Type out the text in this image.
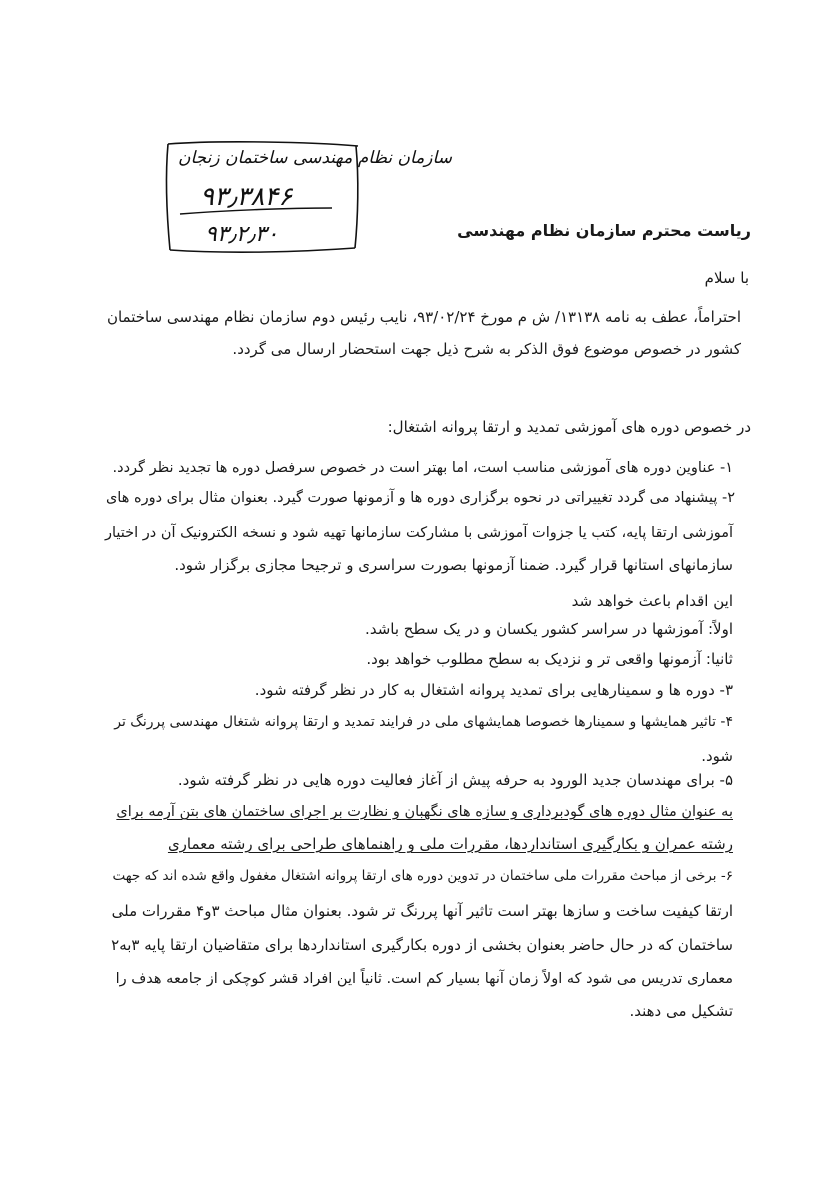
سازمان نظام مهندسی ساختمان زنجان
۹۳٫۳۸۴۶
۹۳٫۲٫۳۰	ریاست محترم سازمان نظام مهندسی
با سلام
احتراماً، عطف به نامه ۱۳۱۳۸/ ش م مورخ ۹۳/۰۲/۲۴، نایب رئیس دوم سازمان نظام مهندسی ساختمان
کشور در خصوص موضوع فوق الذکر به شرح ذیل جهت استحضار ارسال می گردد.
در خصوص دوره های آموزشی تمدید و ارتقا پروانه اشتغال:
۱- عناوین دوره های آموزشی مناسب است، اما بهتر است در خصوص سرفصل دوره ها تجدید نظر گردد.
۲- پیشنهاد می گردد تغییراتی در نحوه برگزاری دوره ها و آزمونها صورت گیرد. بعنوان مثال برای دوره های
آموزشی ارتقا پایه، کتب یا جزوات آموزشی با مشارکت سازمانها تهیه شود و نسخه الکترونیک آن در اختیار
سازمانهای استانها قرار گیرد. ضمنا آزمونها بصورت سراسری و ترجیحا مجازی برگزار شود.
این اقدام باعث خواهد شد
اولاً: آموزشها در سراسر کشور یکسان و در یک سطح باشد.
ثانیا: آزمونها واقعی تر و نزدیک به سطح مطلوب خواهد بود.
۳- دوره ها و سمینارهایی برای تمدید پروانه اشتغال به کار در نظر گرفته شود.
۴- تاثیر همایشها و سمینارها خصوصا همایشهای ملی در فرایند تمدید و ارتقا پروانه شتغال مهندسی پررنگ تر
شود.
۵- برای مهندسان جدید الورود به حرفه پیش از آغاز فعالیت دوره هایی در نظر گرفته شود.
به عنوان مثال دوره های گودبرداری و سازه های نگهبان و نظارت بر اجرای ساختمان های بتن آرمه برای
رشته عمران و بکارگیری استانداردها، مقررات ملی و راهنماهای طراحی برای رشته معماری
۶- برخی از مباحث مقررات ملی ساختمان در تدوین دوره های ارتقا پروانه اشتغال مغفول واقع شده اند که جهت
ارتقا کیفیت ساخت و سازها بهتر است تاثیر آنها پررنگ تر شود. بعنوان مثال مباحث ۳و۴ مقررات ملی
ساختمان که در حال حاضر بعنوان بخشی از دوره بکارگیری استانداردها برای متقاضیان ارتقا پایه ۳به۲
معماری تدریس می شود که اولاً زمان آنها بسیار کم است. ثانیاً این افراد قشر کوچکی از جامعه هدف را
تشکیل می دهند.
